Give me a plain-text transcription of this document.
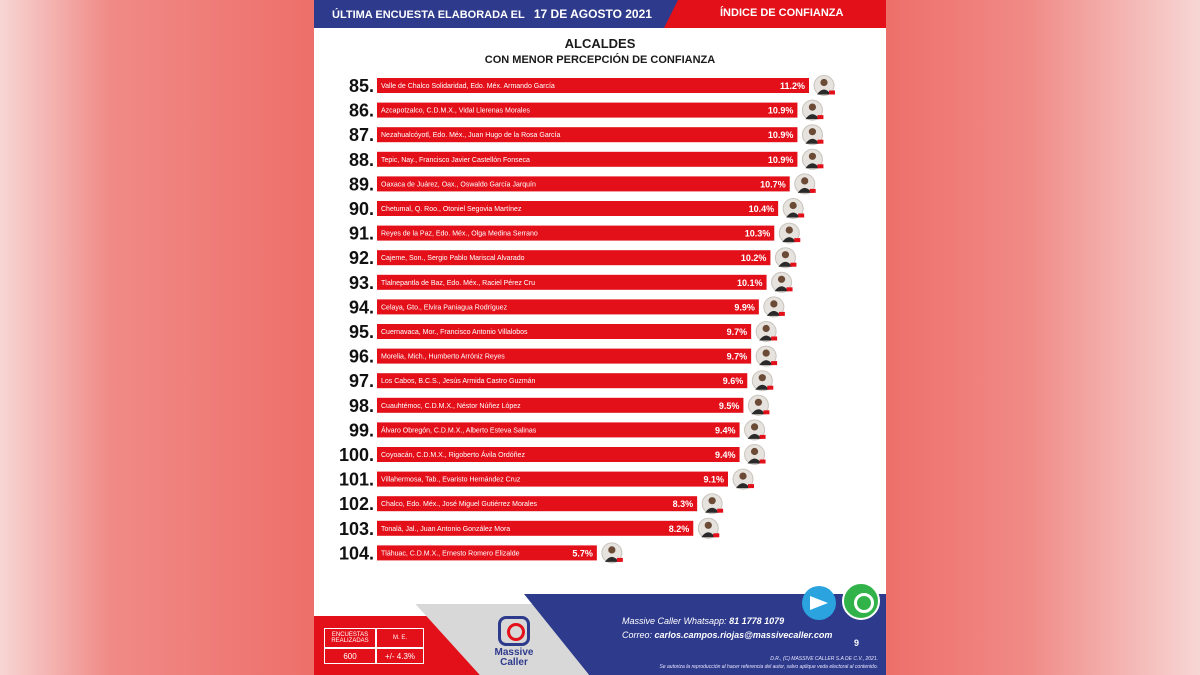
ÚLTIMA ENCUESTA ELABORADA EL 17 DE AGOSTO 2021	ÍNDICE DE CONFIANZA
ALCALDES
CON MENOR PERCEPCIÓN DE CONFIANZA
85. Valle de Chalco Solidaridad, Edo. Méx. Armando García	11.2%
86. Azcapotzalco, C.D.M.X., Vidal Llerenas Morales	10.9%
87. Nezahualcóyotl, Edo. Méx., Juan Hugo de la Rosa García	10.9%
88. Tepic, Nay., Francisco Javier Castellón Fonseca	10.9%
89. Oaxaca de Juárez, Oax., Oswaldo García Jarquín	10.7%
90. Chetumal, Q. Roo., Otoniel Segovia Martínez	10.4%
91. Reyes de la Paz, Edo. Méx., Olga Medina Serrano	10.3%
92. Cajeme, Son., Sergio Pablo Mariscal Alvarado	10.2%
93. Tlalnepantla de Baz, Edo. Méx., Raciel Pérez Cru	10.1%
94. Celaya, Gto., Elvira Paniagua Rodríguez	9.9%
95. Cuernavaca, Mor., Francisco Antonio Villalobos	9.7%
96. Morelia, Mich., Humberto Arróniz Reyes	9.7%
97. Los Cabos, B.C.S., Jesús Armida Castro Guzmán	9.6%
98. Cuauhtémoc, C.D.M.X., Néstor Núñez López	9.5%
99. Álvaro Obregón, C.D.M.X., Alberto Esteva Salinas	9.4%
100. Coyoacán, C.D.M.X., Rigoberto Ávila Ordóñez	9.4%
101. Villahermosa, Tab., Evaristo Hernández Cruz	9.1%
102. Chalco, Edo. Méx., José Miguel Gutiérrez Morales	8.3%
103. Tonalá, Jal., Juan Antonio González Mora	8.2%
104. Tláhuac, C.D.M.X., Ernesto Romero Elizalde	5.7%
ENCUESTAS REALIZADAS	M. E.
600	+/- 4.3%	Massive Caller
Massive Caller Whatsapp: 81 1778 1079
Correo: carlos.campos.riojas@massivecaller.com
9
D.R., (C) MASSIVE CALLER S.A DE C.V., 2021.
Se autoriza la reproducción al hacer referencia del autor, salvo aplique veda electoral al contenido.
